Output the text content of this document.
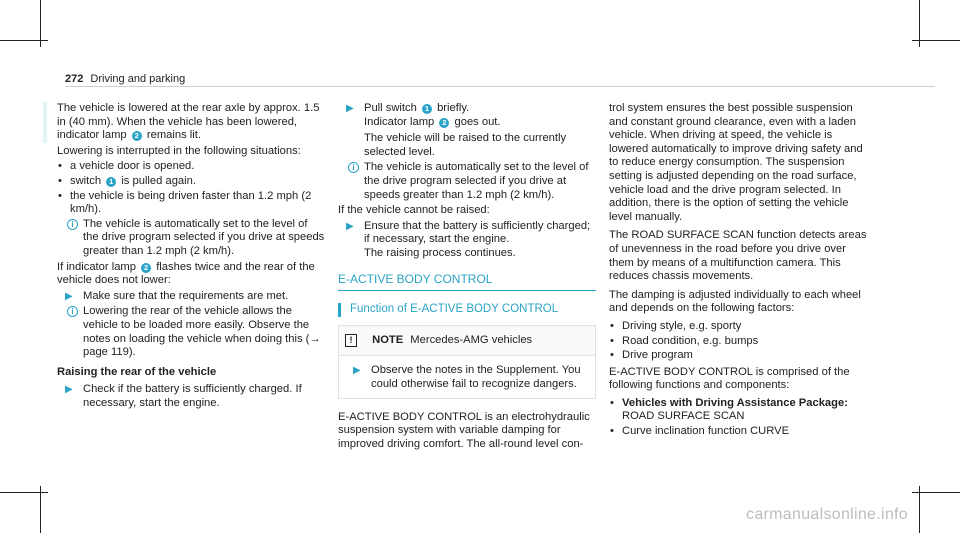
272 Driving and parking
The vehicle is lowered at the rear axle by approx. 1.5 in (40 mm). When the vehicle has been lowered, indicator lamp 2 remains lit.
Lowering is interrupted in the following situations:
• a vehicle door is opened.
• switch 1 is pulled again.
• the vehicle is being driven faster than 1.2 mph (2 km/h).
i The vehicle is automatically set to the level of the drive program selected if you drive at speeds greater than 1.2 mph (2 km/h).
If indicator lamp 2 flashes twice and the rear of the vehicle does not lower:
▶ Make sure that the requirements are met.
i Lowering the rear of the vehicle allows the vehicle to be loaded more easily. Observe the notes on loading the vehicle when doing this (→ page 119).
Raising the rear of the vehicle
▶ Check if the battery is sufficiently charged. If necessary, start the engine.
▶ Pull switch 1 briefly.
Indicator lamp 2 goes out.
The vehicle will be raised to the currently selected level.
i The vehicle is automatically set to the level of the drive program selected if you drive at speeds greater than 1.2 mph (2 km/h).
If the vehicle cannot be raised:
▶ Ensure that the battery is sufficiently charged; if necessary, start the engine.
The raising process continues.
E-ACTIVE BODY CONTROL
Function of E-ACTIVE BODY CONTROL
! NOTE Mercedes-AMG vehicles
▶ Observe the notes in the Supplement. You could otherwise fail to recognize dangers.
E-ACTIVE BODY CONTROL is an electrohydraulic suspension system with variable damping for improved driving comfort. The all-round level con-
trol system ensures the best possible suspension and constant ground clearance, even with a laden vehicle. When driving at speed, the vehicle is lowered automatically to improve driving safety and to reduce energy consumption. The suspension setting is adjusted depending on the road surface, vehicle load and the drive program selected. In addition, there is the option of setting the vehicle level manually.
The ROAD SURFACE SCAN function detects areas of unevenness in the road before you drive over them by means of a multifunction camera. This reduces chassis movements.
The damping is adjusted individually to each wheel and depends on the following factors:
• Driving style, e.g. sporty
• Road condition, e.g. bumps
• Drive program
E-ACTIVE BODY CONTROL is comprised of the following functions and components:
• Vehicles with Driving Assistance Package:
ROAD SURFACE SCAN
• Curve inclination function CURVE
carmanualsonline.info
